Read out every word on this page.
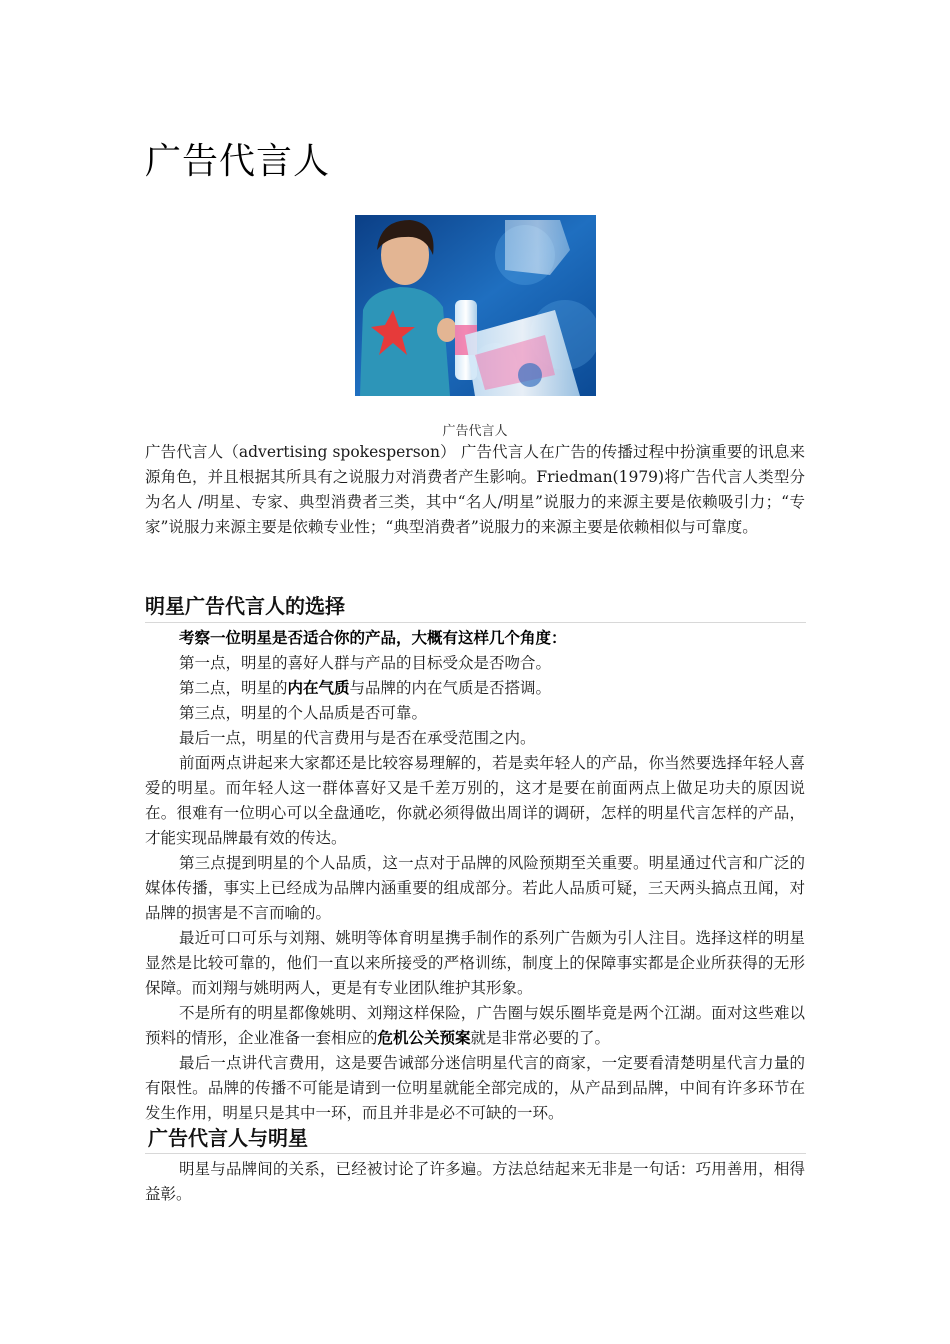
广告代言人
广告代言人

广告代言人（advertising spokesperson） 广告代言人在广告的传播过程中扮演重要的讯息来源角色，并且根据其所具有之说服力对消费者产生影响。Friedman(1979)将广告代言人类型分为名人 /明星、专家、典型消费者三类，其中“名人/明星”说服力的来源主要是依赖吸引力；“专家”说服力来源主要是依赖专业性；“典型消费者”说服力的来源主要是依赖相似与可靠度。

明星广告代言人的选择

考察一位明星是否适合你的产品，大概有这样几个角度：

第一点，明星的喜好人群与产品的目标受众是否吻合。

第二点，明星的内在气质与品牌的内在气质是否搭调。

第三点，明星的个人品质是否可靠。

最后一点，明星的代言费用与是否在承受范围之内。

前面两点讲起来大家都还是比较容易理解的，若是卖年轻人的产品，你当然要选择年轻人喜爱的明星。而年轻人这一群体喜好又是千差万别的，这才是要在前面两点上做足功夫的原因说在。很难有一位明心可以全盘通吃，你就必须得做出周详的调研，怎样的明星代言怎样的产品，才能实现品牌最有效的传达。

第三点提到明星的个人品质，这一点对于品牌的风险预期至关重要。明星通过代言和广泛的媒体传播，事实上已经成为品牌内涵重要的组成部分。若此人品质可疑，三天两头搞点丑闻，对品牌的损害是不言而喻的。

最近可口可乐与刘翔、姚明等体育明星携手制作的系列广告颇为引人注目。选择这样的明星显然是比较可靠的，他们一直以来所接受的严格训练，制度上的保障事实都是企业所获得的无形保障。而刘翔与姚明两人，更是有专业团队维护其形象。

不是所有的明星都像姚明、刘翔这样保险，广告圈与娱乐圈毕竟是两个江湖。面对这些难以预料的情形，企业准备一套相应的危机公关预案就是非常必要的了。

最后一点讲代言费用，这是要告诫部分迷信明星代言的商家，一定要看清楚明星代言力量的有限性。品牌的传播不可能是请到一位明星就能全部完成的，从产品到品牌，中间有许多环节在发生作用，明星只是其中一环，而且并非是必不可缺的一环。

广告代言人与明星

明星与品牌间的关系，已经被讨论了许多遍。方法总结起来无非是一句话：巧用善用，相得益彰。
